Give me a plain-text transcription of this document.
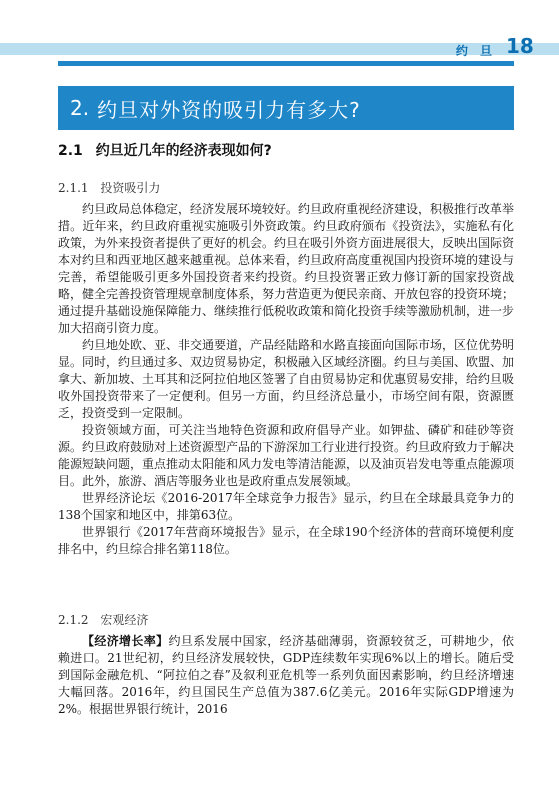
约 旦 18
2. 约旦对外资的吸引力有多大?
2.1 约旦近几年的经济表现如何?
2.1.1 投资吸引力

约旦政局总体稳定，经济发展环境较好。约旦政府重视经济建设，积极推行改革举措。近年来，约旦政府重视实施吸引外资政策。约旦政府颁布《投资法》，实施私有化政策，为外来投资者提供了更好的机会。约旦在吸引外资方面进展很大，反映出国际资本对约旦和西亚地区越来越重视。总体来看，约旦政府高度重视国内投资环境的建设与完善，希望能吸引更多外国投资者来约投资。约旦投资署正致力修订新的国家投资战略，健全完善投资管理规章制度体系，努力营造更为便民亲商、开放包容的投资环境；通过提升基础设施保障能力、继续推行低税收政策和简化投资手续等激励机制，进一步加大招商引资力度。

约旦地处欧、亚、非交通要道，产品经陆路和水路直接面向国际市场，区位优势明显。同时，约旦通过多、双边贸易协定，积极融入区域经济圈。约旦与美国、欧盟、加拿大、新加坡、土耳其和泛阿拉伯地区签署了自由贸易协定和优惠贸易安排，给约旦吸收外国投资带来了一定便利。但另一方面，约旦经济总量小，市场空间有限，资源匮乏，投资受到一定限制。

投资领域方面，可关注当地特色资源和政府倡导产业。如钾盐、磷矿和硅砂等资源。约旦政府鼓励对上述资源型产品的下游深加工行业进行投资。约旦政府致力于解决能源短缺问题，重点推动太阳能和风力发电等清洁能源，以及油页岩发电等重点能源项目。此外，旅游、酒店等服务业也是政府重点发展领域。

世界经济论坛《2016-2017年全球竞争力报告》显示，约旦在全球最具竞争力的138个国家和地区中，排第63位。

世界银行《2017年营商环境报告》显示，在全球190个经济体的营商环境便利度排名中，约旦综合排名第118位。

2.1.2 宏观经济

【经济增长率】约旦系发展中国家，经济基础薄弱，资源较贫乏，可耕地少，依赖进口。21世纪初，约旦经济发展较快，GDP连续数年实现6%以上的增长。随后受到国际金融危机、“阿拉伯之春”及叙利亚危机等一系列负面因素影响，约旦经济增速大幅回落。2016年，约旦国民生产总值为387.6亿美元。2016年实际GDP增速为2%。根据世界银行统计，2016
